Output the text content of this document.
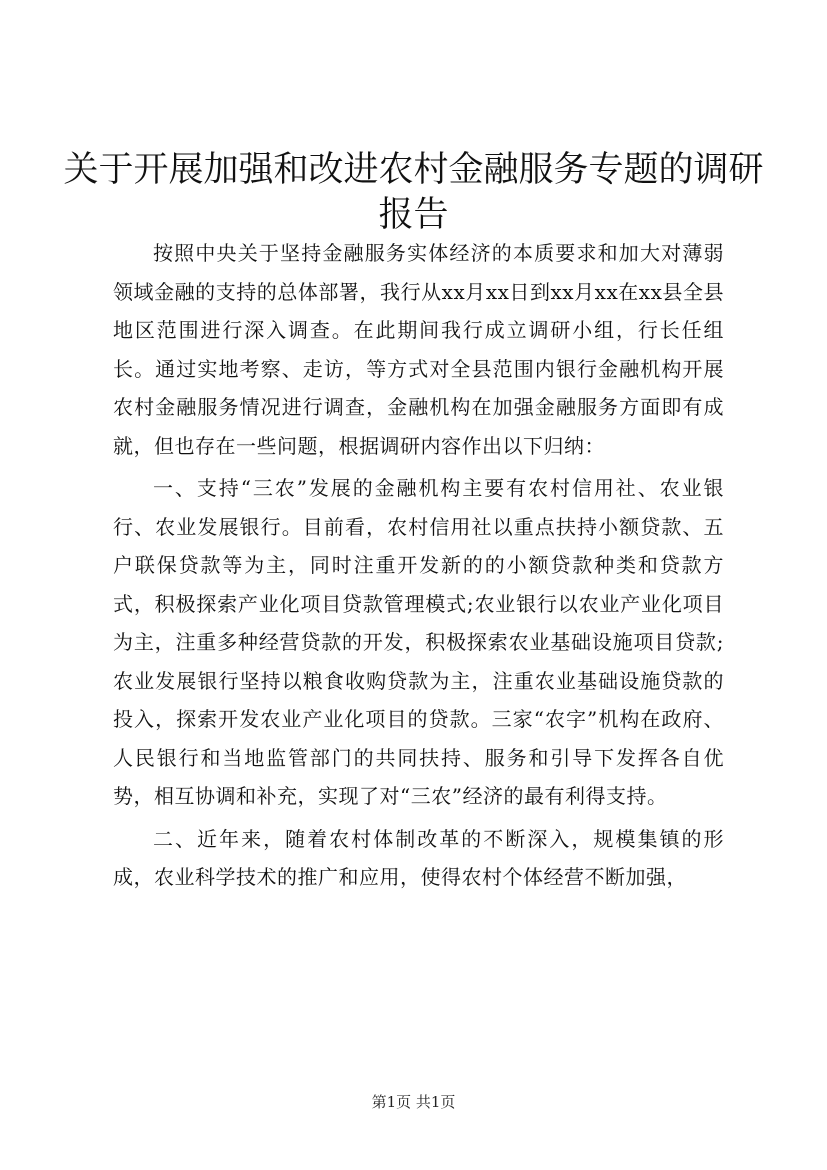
关于开展加强和改进农村金融服务专题的调研报告

按照中央关于坚持金融服务实体经济的本质要求和加大对薄弱领域金融的支持的总体部署，我行从xx月xx日到xx月xx在xx县全县地区范围进行深入调查。在此期间我行成立调研小组，行长任组长。通过实地考察、走访，等方式对全县范围内银行金融机构开展农村金融服务情况进行调查，金融机构在加强金融服务方面即有成就，但也存在一些问题，根据调研内容作出以下归纳：

一、支持“三农”发展的金融机构主要有农村信用社、农业银行、农业发展银行。目前看，农村信用社以重点扶持小额贷款、五户联保贷款等为主，同时注重开发新的的小额贷款种类和贷款方式，积极探索产业化项目贷款管理模式;农业银行以农业产业化项目为主，注重多种经营贷款的开发，积极探索农业基础设施项目贷款;农业发展银行坚持以粮食收购贷款为主，注重农业基础设施贷款的投入，探索开发农业产业化项目的贷款。三家“农字”机构在政府、人民银行和当地监管部门的共同扶持、服务和引导下发挥各自优势，相互协调和补充，实现了对“三农”经济的最有利得支持。

二、近年来，随着农村体制改革的不断深入，规模集镇的形成，农业科学技术的推广和应用，使得农村个体经营不断加强，

第1页 共1页
